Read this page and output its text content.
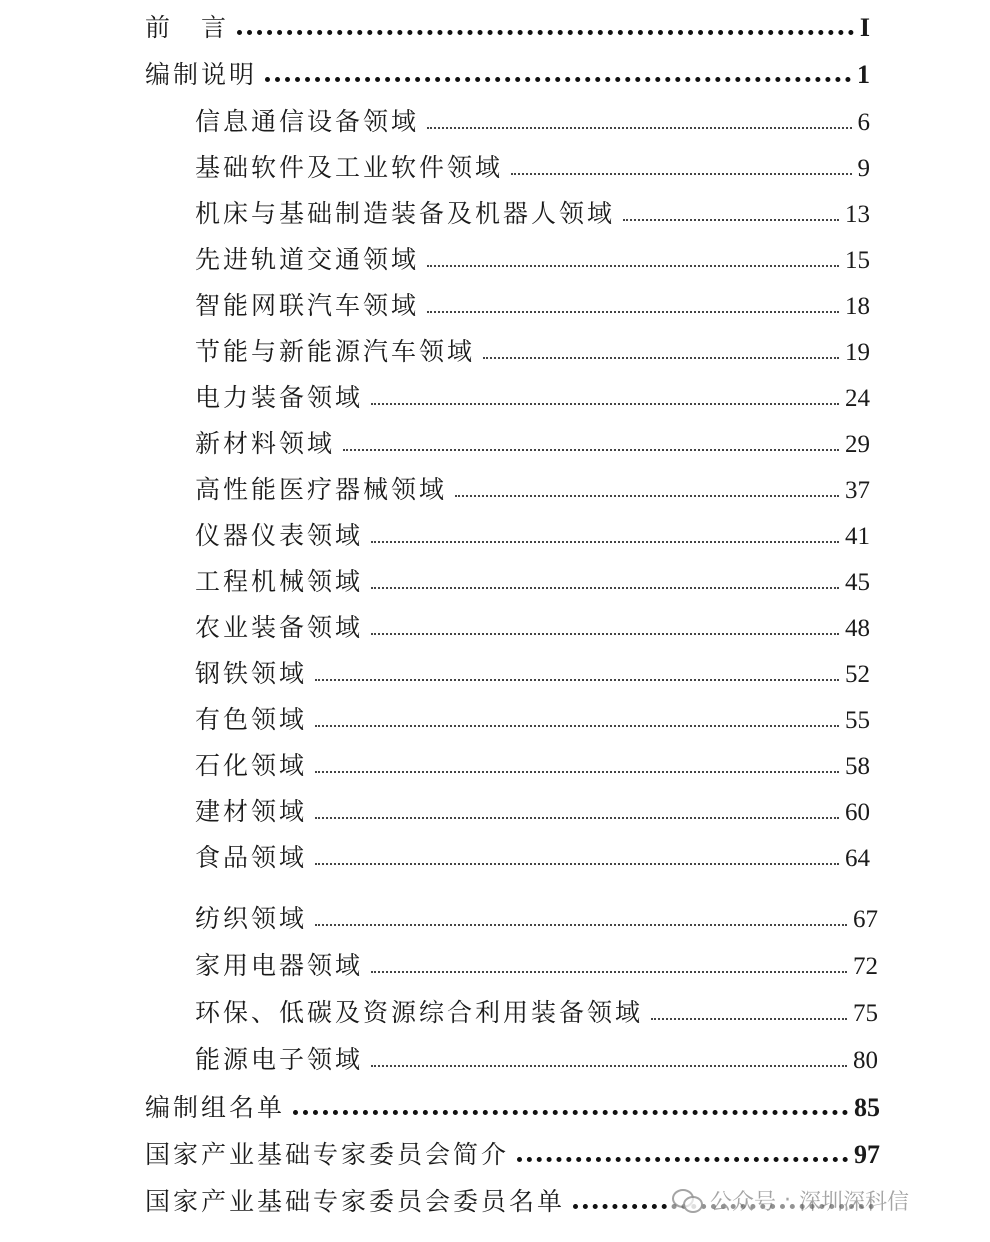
前　言	I
编制说明	1
信息通信设备领域	6
基础软件及工业软件领域	9
机床与基础制造装备及机器人领域	13
先进轨道交通领域	15
智能网联汽车领域	18
节能与新能源汽车领域	19
电力装备领域	24
新材料领域	29
高性能医疗器械领域	37
仪器仪表领域	41
工程机械领域	45
农业装备领域	48
钢铁领域	52
有色领域	55
石化领域	58
建材领域	60
食品领域	64
纺织领域	67
家用电器领域	72
环保、低碳及资源综合利用装备领域	75
能源电子领域	80
编制组名单	85
国家产业基础专家委员会简介	97
国家产业基础专家委员会委员名单	公众号 · 深圳深科信
